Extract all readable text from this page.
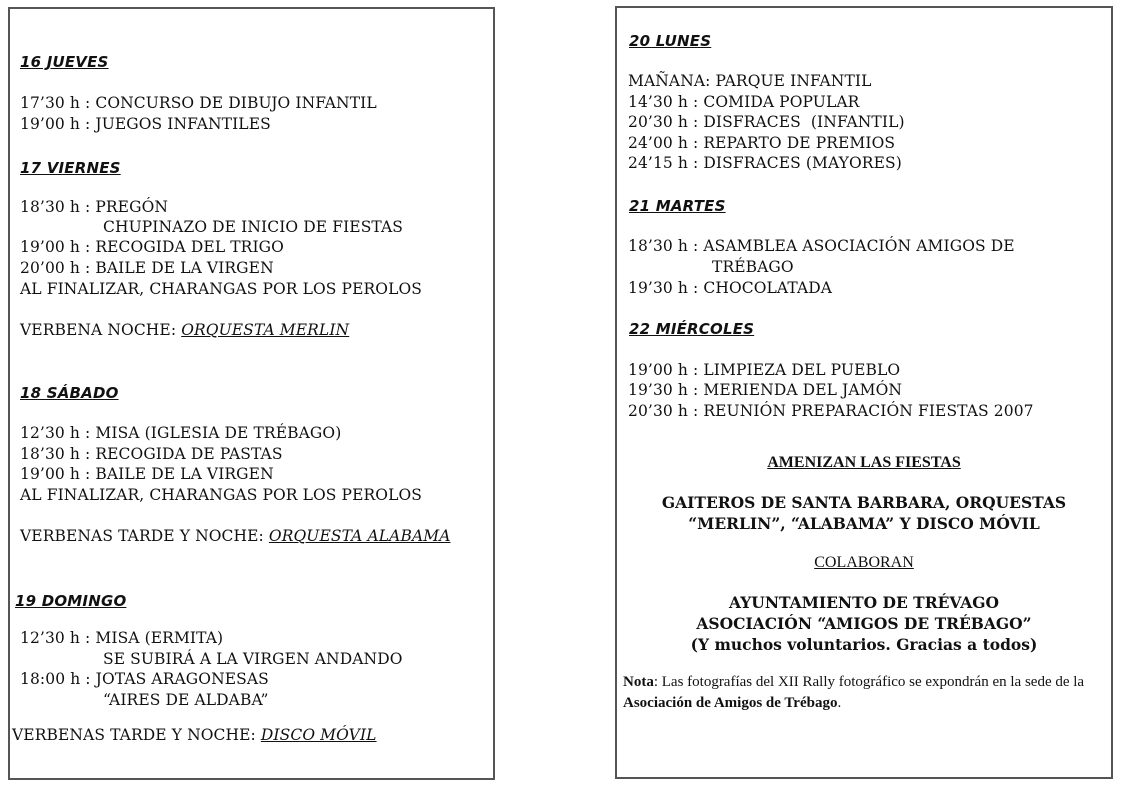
16 JUEVES
17’30 h : CONCURSO DE DIBUJO INFANTIL
19’00 h : JUEGOS INFANTILES
17 VIERNES
18’30 h : PREGÓN
CHUPINAZO DE INICIO DE FIESTAS
19’00 h : RECOGIDA DEL TRIGO
20’00 h : BAILE DE LA VIRGEN
AL FINALIZAR, CHARANGAS POR LOS PEROLOS
VERBENA NOCHE: ORQUESTA MERLIN
18 SÁBADO
12’30 h : MISA (IGLESIA DE TRÉBAGO)
18’30 h : RECOGIDA DE PASTAS
19’00 h : BAILE DE LA VIRGEN
AL FINALIZAR, CHARANGAS POR LOS PEROLOS
VERBENAS TARDE Y NOCHE: ORQUESTA ALABAMA
19 DOMINGO
12’30 h : MISA (ERMITA)
SE SUBIRÁ A LA VIRGEN ANDANDO
18:00 h : JOTAS ARAGONESAS
“AIRES DE ALDABA”
VERBENAS TARDE Y NOCHE: DISCO MÓVIL
20 LUNES
MAÑANA: PARQUE INFANTIL
14’30 h : COMIDA POPULAR
20’30 h : DISFRACES  (INFANTIL)
24’00 h : REPARTO DE PREMIOS
24’15 h : DISFRACES (MAYORES)
21 MARTES
18’30 h : ASAMBLEA ASOCIACIÓN AMIGOS DE
TRÉBAGO
19’30 h : CHOCOLATADA
22 MIÉRCOLES
19’00 h : LIMPIEZA DEL PUEBLO
19’30 h : MERIENDA DEL JAMÓN
20’30 h : REUNIÓN PREPARACIÓN FIESTAS 2007
AMENIZAN LAS FIESTAS
GAITEROS DE SANTA BARBARA, ORQUESTAS
“MERLIN”, “ALABAMA” Y DISCO MÓVIL
COLABORAN
AYUNTAMIENTO DE TRÉVAGO
ASOCIACIÓN “AMIGOS DE TRÉBAGO”
(Y muchos voluntarios. Gracias a todos)
Nota: Las fotografías del XII Rally fotográfico se expondrán en la sede de la Asociación de Amigos de Trébago.
